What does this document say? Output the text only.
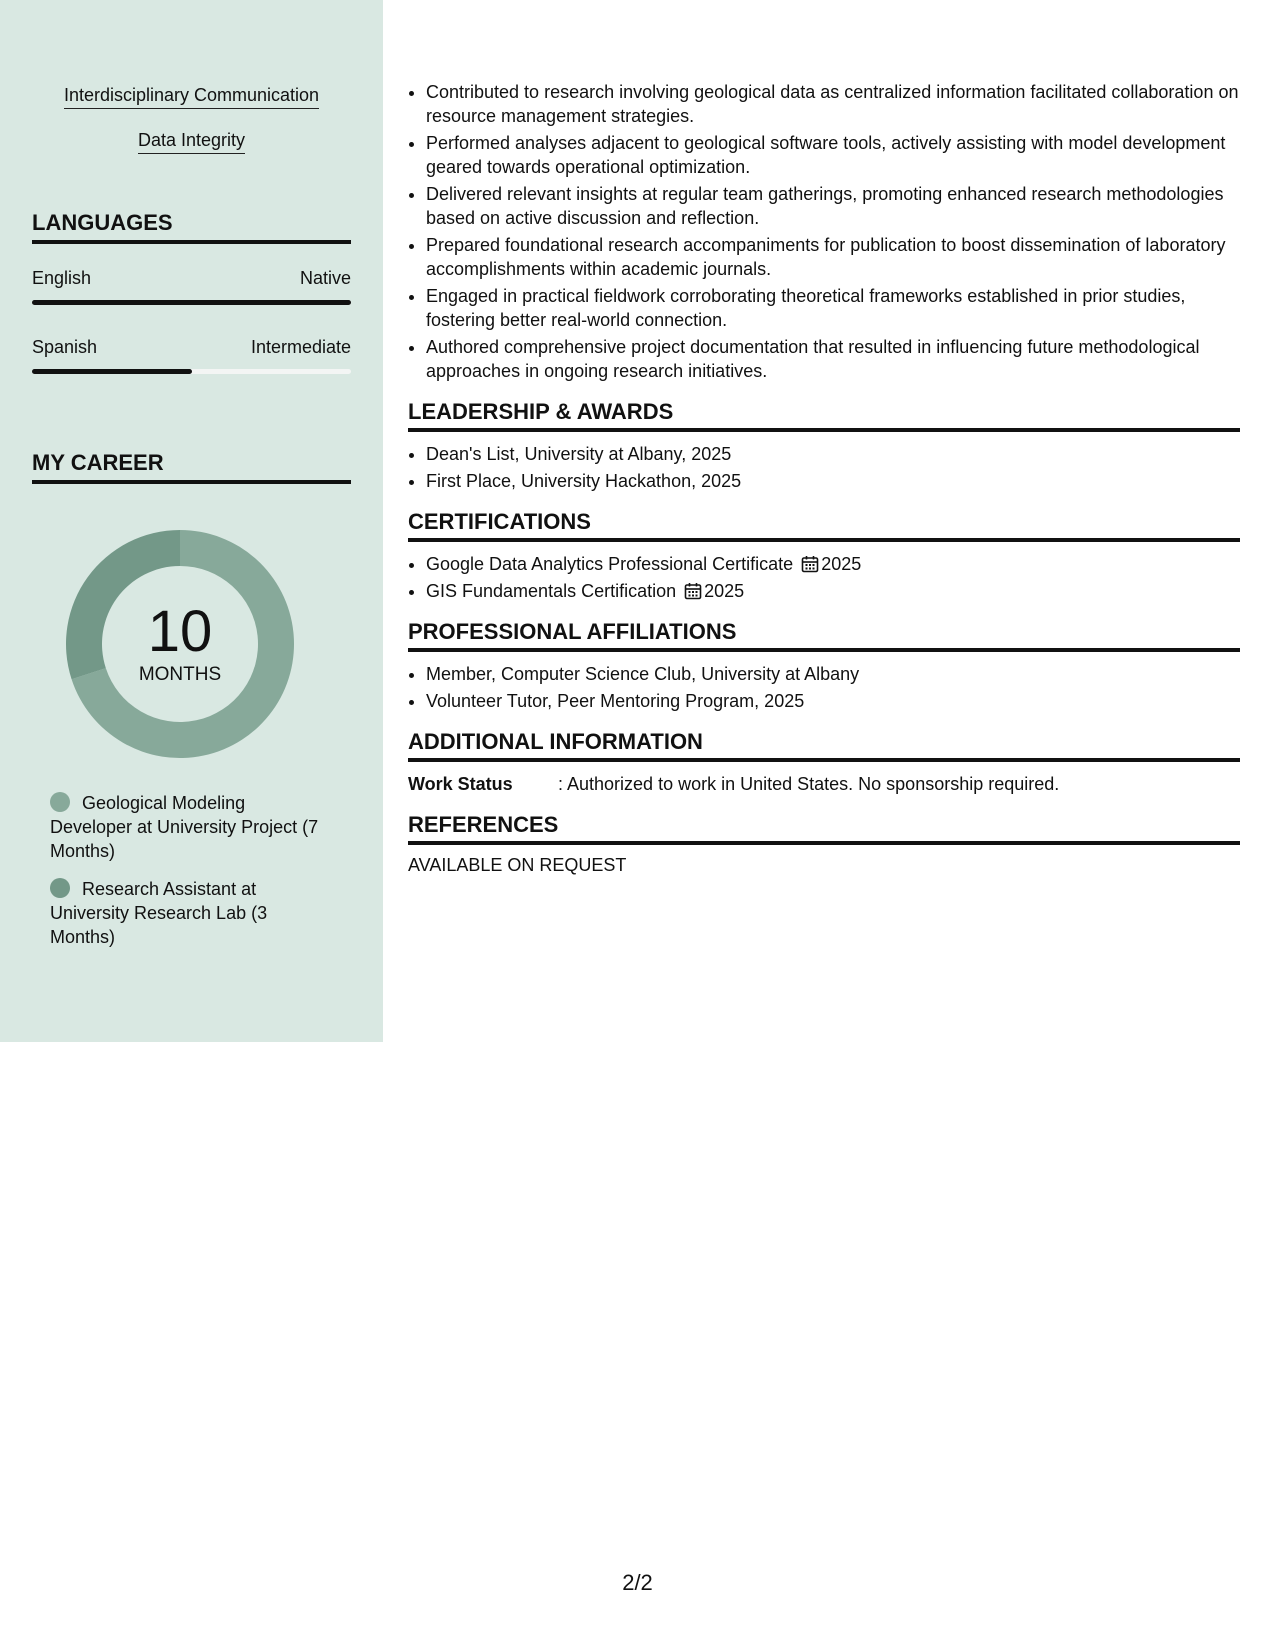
Interdisciplinary Communication
Data Integrity
LANGUAGES
English	Native
Spanish	Intermediate
MY CAREER
10
MONTHS
Geological Modeling Developer at University Project (7 Months)
Research Assistant at University Research Lab (3 Months)
• Contributed to research involving geological data as centralized information facilitated collaboration on resource management strategies.
• Performed analyses adjacent to geological software tools, actively assisting with model development geared towards operational optimization.
• Delivered relevant insights at regular team gatherings, promoting enhanced research methodologies based on active discussion and reflection.
• Prepared foundational research accompaniments for publication to boost dissemination of laboratory accomplishments within academic journals.
• Engaged in practical fieldwork corroborating theoretical frameworks established in prior studies, fostering better real-world connection.
• Authored comprehensive project documentation that resulted in influencing future methodological approaches in ongoing research initiatives.
LEADERSHIP & AWARDS
• Dean's List, University at Albany, 2025
• First Place, University Hackathon, 2025
CERTIFICATIONS
• Google Data Analytics Professional Certificate 2025
• GIS Fundamentals Certification 2025
PROFESSIONAL AFFILIATIONS
• Member, Computer Science Club, University at Albany
• Volunteer Tutor, Peer Mentoring Program, 2025
ADDITIONAL INFORMATION
Work Status	: Authorized to work in United States. No sponsorship required.
REFERENCES
AVAILABLE ON REQUEST
2/2
